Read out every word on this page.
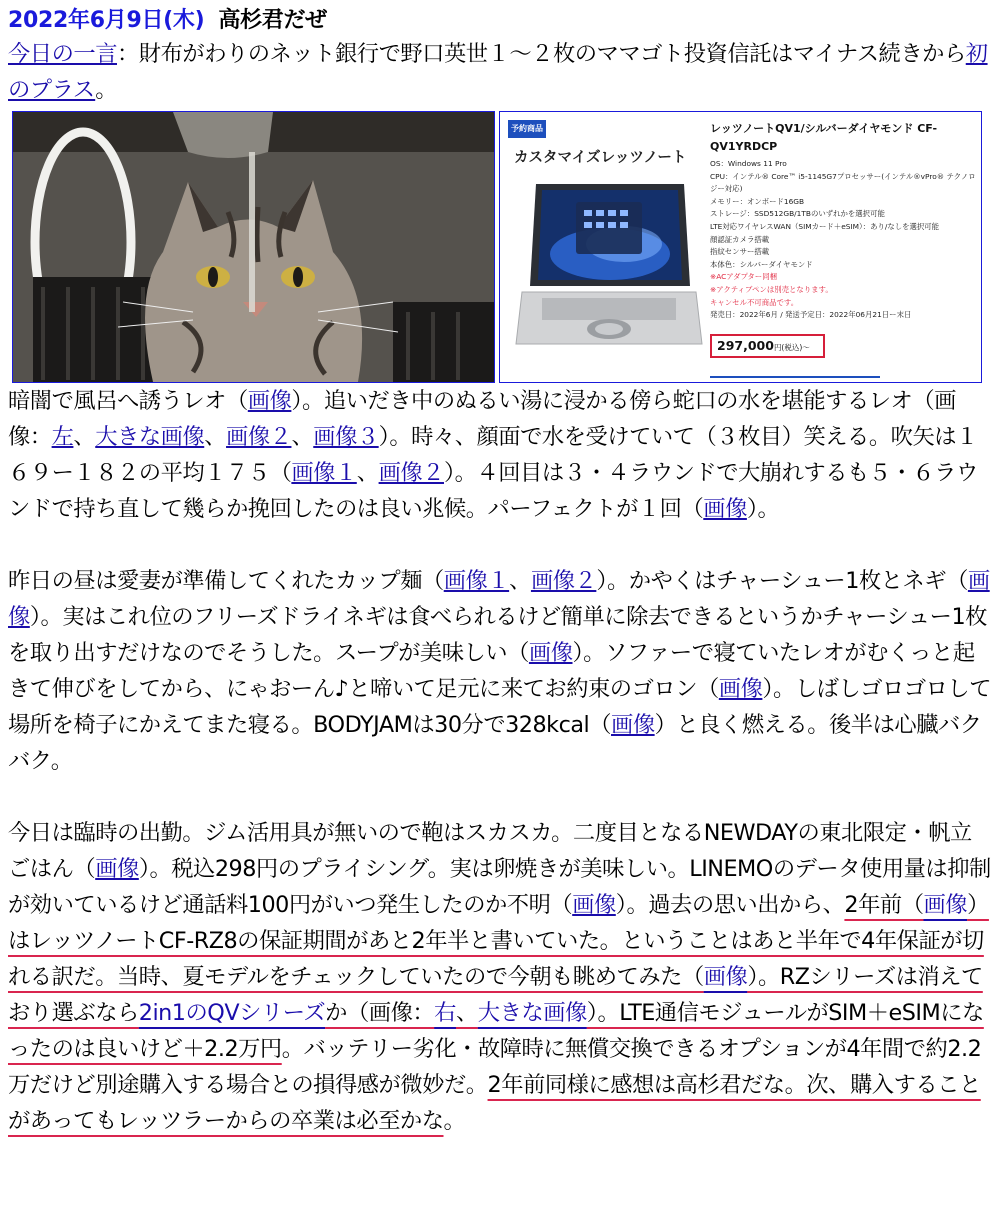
2022年6月9日(木) 高杉君だぜ

今日の一言：財布がわりのネット銀行で野口英世１～２枚のママゴト投資信託はマイナス続きから初のプラス。

予約商品
カスタマイズレッツノート
レッツノートQV1/シルバーダイヤモンド CF-QV1YRDCP
OS：Windows 11 Pro
CPU：インテル® Core™ i5-1145G7プロセッサー(インテル®vPro® テクノロジー対応)
メモリー：オンボード16GB
ストレージ：SSD512GB/1TBのいずれかを選択可能
LTE対応ワイヤレスWAN（SIMカード＋eSIM）：あり/なしを選択可能
顔認証カメラ搭載
指紋センサー搭載
本体色：シルバーダイヤモンド
※ACアダプター同梱
※アクティブペンは別売となります。
キャンセル不可商品です。
発売日：2022年6月 / 発送予定日：2022年06月21日ー末日
297,000円(税込)～

暗闇で風呂へ誘うレオ（画像）。追いだき中のぬるい湯に浸かる傍ら蛇口の水を堪能するレオ（画像：左、大きな画像、画像２、画像３）。時々、顔面で水を受けていて（３枚目）笑える。吹矢は１６９ー１８２の平均１７５（画像１、画像２）。４回目は３・４ラウンドで大崩れするも５・６ラウンドで持ち直して幾らか挽回したのは良い兆候。パーフェクトが１回（画像）。

昨日の昼は愛妻が準備してくれたカップ麺（画像１、画像２）。かやくはチャーシュー1枚とネギ（画像）。実はこれ位のフリーズドライネギは食べられるけど簡単に除去できるというかチャーシュー1枚を取り出すだけなのでそうした。スープが美味しい（画像）。ソファーで寝ていたレオがむくっと起きて伸びをしてから、にゃおーん♪と啼いて足元に来てお約束のゴロン（画像）。しばしゴロゴロして場所を椅子にかえてまた寝る。BODYJAMは30分で328kcal（画像）と良く燃える。後半は心臓バクバク。

今日は臨時の出勤。ジム活用具が無いので鞄はスカスカ。二度目となるNEWDAYの東北限定・帆立ごはん（画像）。税込298円のプライシング。実は卵焼きが美味しい。LINEMOのデータ使用量は抑制が効いているけど通話料100円がいつ発生したのか不明（画像）。過去の思い出から、2年前（画像）はレッツノートCF-RZ8の保証期間があと2年半と書いていた。ということはあと半年で4年保証が切れる訳だ。当時、夏モデルをチェックしていたので今朝も眺めてみた（画像）。RZシリーズは消えており選ぶなら2in1のQVシリーズか（画像：右、大きな画像）。LTE通信モジュールがSIM＋eSIMになったのは良いけど＋2.2万円。バッテリー劣化・故障時に無償交換できるオプションが4年間で約2.2万だけど別途購入する場合との損得感が微妙だ。2年前同様に感想は高杉君だな。次、購入することがあってもレッツラーからの卒業は必至かな。
